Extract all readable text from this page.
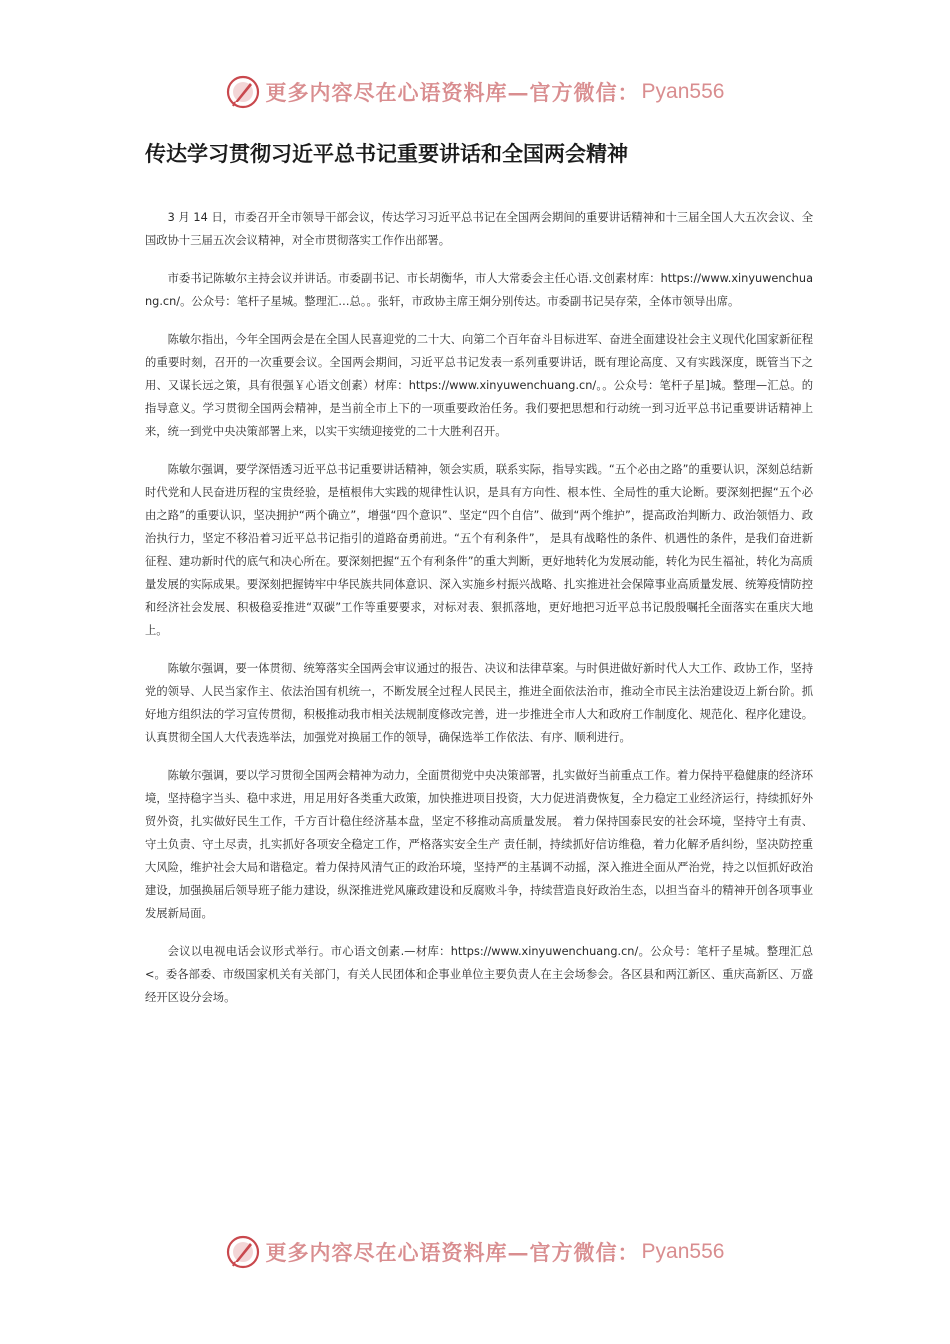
更多内容尽在心语资料库—官方微信： Pyan556
传达学习贯彻习近平总书记重要讲话和全国两会精神

3 月 14 日，市委召开全市领导干部会议，传达学习习近平总书记在全国两会期间的重要讲话精神和十三届全国人大五次会议、全国政协十三届五次会议精神，对全市贯彻落实工作作出部署。

市委书记陈敏尔主持会议并讲话。市委副书记、市长胡衡华，市人大常委会主任心语.文创素材库：https://www.xinyuwenchuang.cn/。公众号：笔杆子星城。整理汇…总。。张轩，市政协主席王炯分别传达。市委副书记吴存荣，全体市领导出席。

陈敏尔指出，今年全国两会是在全国人民喜迎党的二十大、向第二个百年奋斗目标进军、奋进全面建设社会主义现代化国家新征程的重要时刻，召开的一次重要会议。全国两会期间，习近平总书记发表一系列重要讲话，既有理论高度、又有实践深度，既管当下之用、又谋长远之策，具有很强￥心语文创素）材库：https://www.xinyuwenchuang.cn/。。公众号：笔杆子星]城。整理—汇总。的指导意义。学习贯彻全国两会精神，是当前全市上下的一项重要政治任务。我们要把思想和行动统一到习近平总书记重要讲话精神上来，统一到党中央决策部署上来，以实干实绩迎接党的二十大胜利召开。

陈敏尔强调，要学深悟透习近平总书记重要讲话精神，领会实质，联系实际，指导实践。“五个必由之路”的重要认识，深刻总结新时代党和人民奋进历程的宝贵经验，是植根伟大实践的规律性认识，是具有方向性、根本性、全局性的重大论断。要深刻把握“五个必由之路”的重要认识，坚决拥护“两个确立”，增强“四个意识”、坚定“四个自信”、做到“两个维护”，提高政治判断力、政治领悟力、政治执行力，坚定不移沿着习近平总书记指引的道路奋勇前进。“五个有利条件”， 是具有战略性的条件、机遇性的条件，是我们奋进新征程、建功新时代的底气和决心所在。要深刻把握“五个有利条件”的重大判断，更好地转化为发展动能，转化为民生福祉，转化为高质量发展的实际成果。要深刻把握铸牢中华民族共同体意识、深入实施乡村振兴战略、扎实推进社会保障事业高质量发展、统筹疫情防控和经济社会发展、积极稳妥推进“双碳”工作等重要要求，对标对表、狠抓落地，更好地把习近平总书记殷殷嘱托全面落实在重庆大地上。

陈敏尔强调，要一体贯彻、统筹落实全国两会审议通过的报告、决议和法律草案。与时俱进做好新时代人大工作、政协工作，坚持党的领导、人民当家作主、依法治国有机统一，不断发展全过程人民民主，推进全面依法治市，推动全市民主法治建设迈上新台阶。抓好地方组织法的学习宣传贯彻，积极推动我市相关法规制度修改完善，进一步推进全市人大和政府工作制度化、规范化、程序化建设。认真贯彻全国人大代表选举法，加强党对换届工作的领导，确保选举工作依法、有序、顺利进行。

陈敏尔强调，要以学习贯彻全国两会精神为动力，全面贯彻党中央决策部署，扎实做好当前重点工作。着力保持平稳健康的经济环境，坚持稳字当头、稳中求进，用足用好各类重大政策，加快推进项目投资，大力促进消费恢复，全力稳定工业经济运行，持续抓好外贸外资，扎实做好民生工作，千方百计稳住经济基本盘，坚定不移推动高质量发展。 着力保持国泰民安的社会环境，坚持守土有责、守土负责、守土尽责，扎实抓好各项安全稳定工作，严格落实安全生产 责任制，持续抓好信访维稳，着力化解矛盾纠纷，坚决防控重大风险，维护社会大局和谐稳定。着力保持风清气正的政治环境，坚持严的主基调不动摇，深入推进全面从严治党，持之以恒抓好政治建设，加强换届后领导班子能力建设，纵深推进党风廉政建设和反腐败斗争，持续营造良好政治生态，以担当奋斗的精神开创各项事业发展新局面。

会议以电视电话会议形式举行。市心语文创素.—材库：https://www.xinyuwenchuang.cn/。公众号：笔杆子星城。整理汇总<。委各部委、市级国家机关有关部门，有关人民团体和企事业单位主要负责人在主会场参会。各区县和两江新区、重庆高新区、万盛经开区设分会场。

更多内容尽在心语资料库—官方微信： Pyan556
